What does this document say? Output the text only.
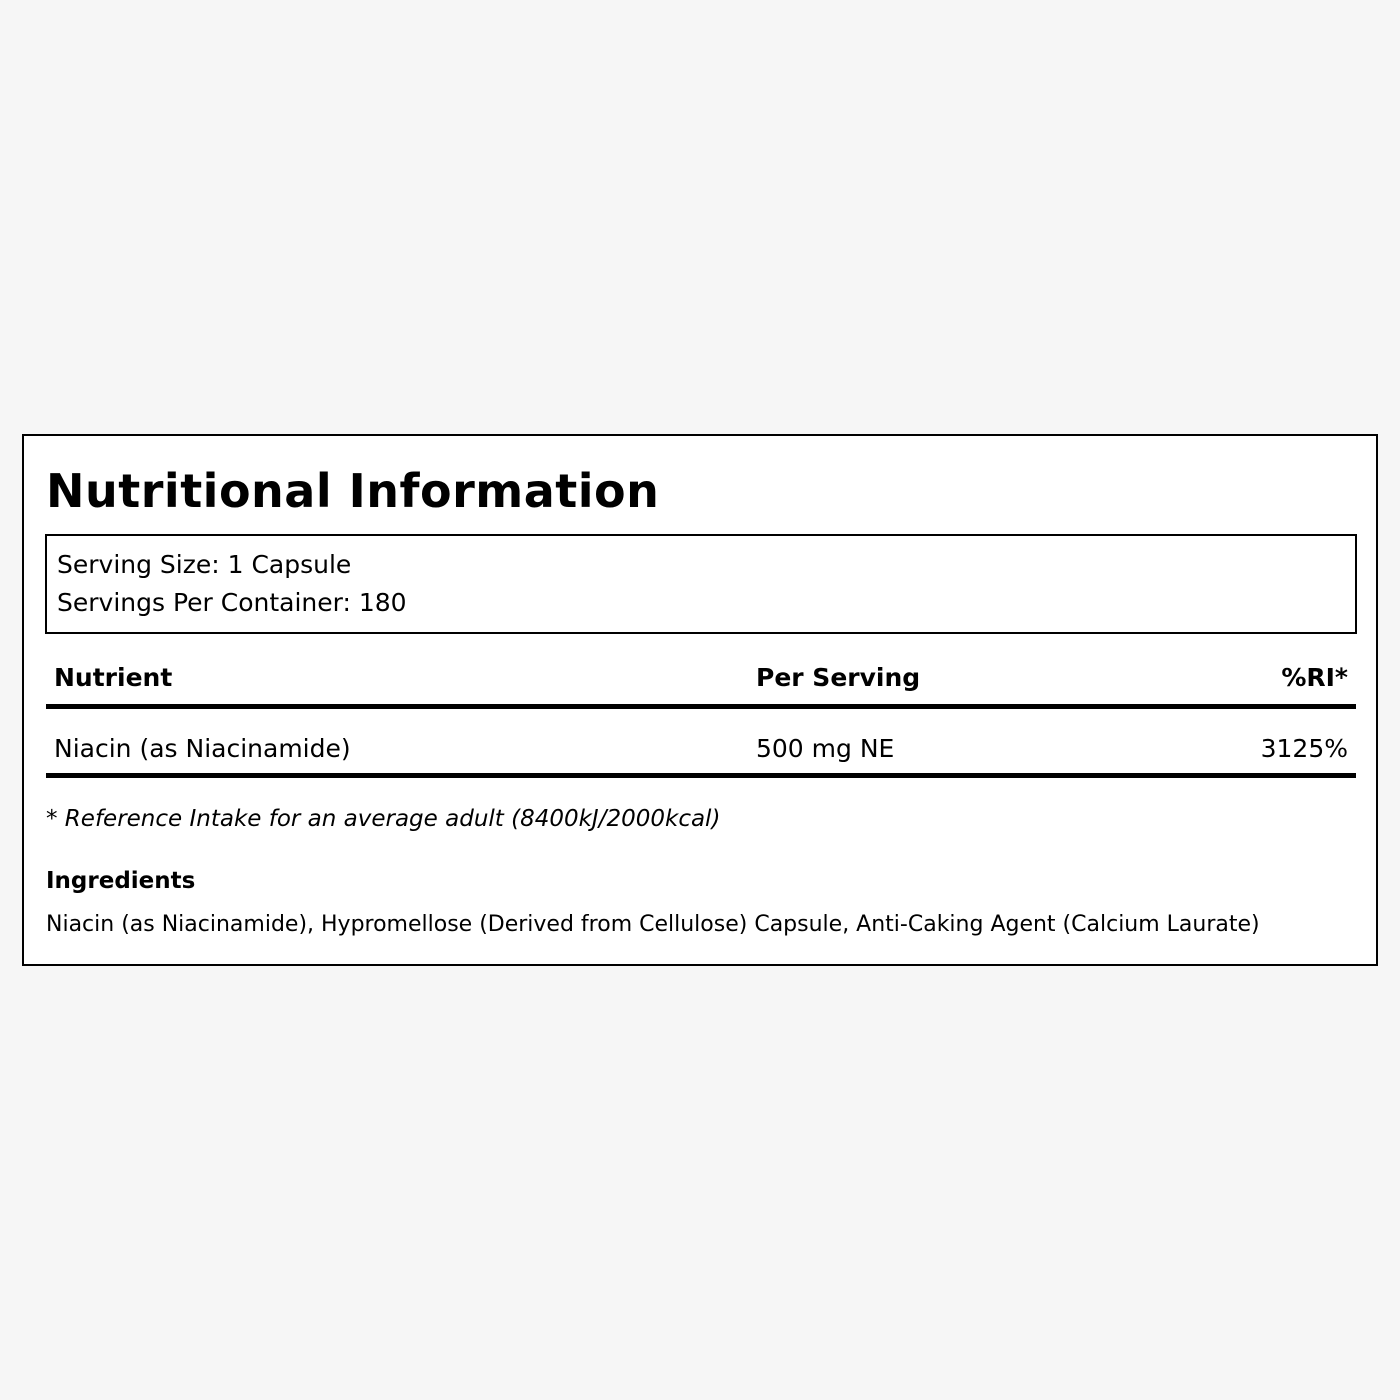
Nutritional Information
Serving Size: 1 Capsule
Servings Per Container: 180
Nutrient	Per Serving	%RI*
Niacin (as Niacinamide)	500 mg NE	3125%
* Reference Intake for an average adult (8400kJ/2000kcal)
Ingredients
Niacin (as Niacinamide), Hypromellose (Derived from Cellulose) Capsule, Anti-Caking Agent (Calcium Laurate)
